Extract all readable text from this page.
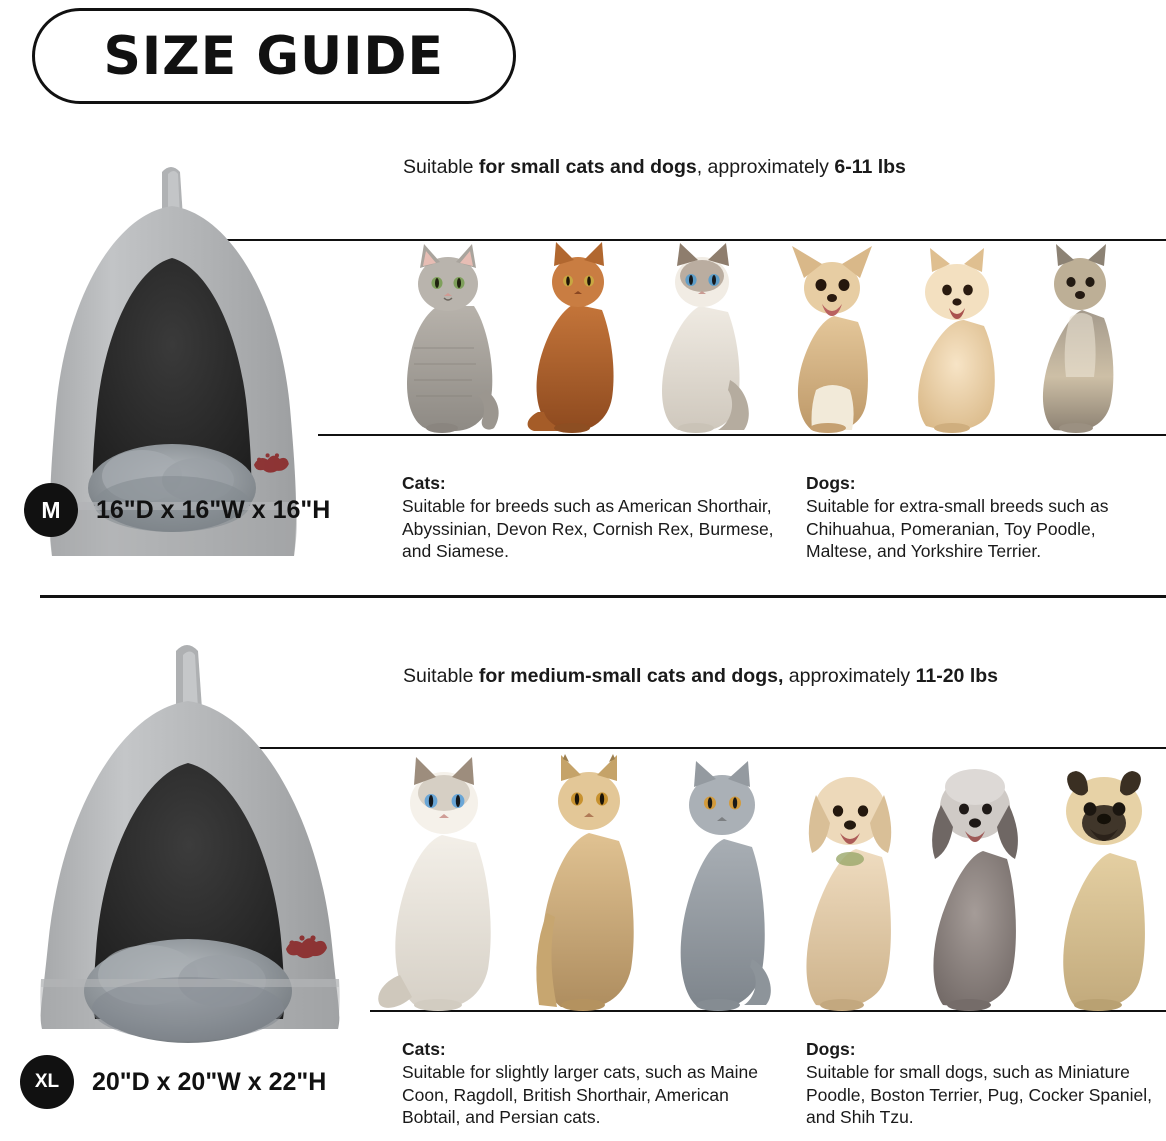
SIZE GUIDE
Suitable for small cats and dogs, approximately 6-11 lbs
M	16"D x 16"W x 16"H
Cats:
Suitable for breeds such as American Shorthair, Abyssinian, Devon Rex, Cornish Rex, Burmese, and Siamese.
Dogs:
Suitable for extra-small breeds such as Chihuahua, Pomeranian, Toy Poodle, Maltese, and Yorkshire Terrier.
Suitable for medium-small cats and dogs, approximately 11-20 lbs
XL	20"D x 20"W x 22"H
Cats:
Suitable for slightly larger cats, such as Maine Coon, Ragdoll, British Shorthair, American Bobtail, and Persian cats.
Dogs:
Suitable for small dogs, such as Miniature Poodle, Boston Terrier, Pug, Cocker Spaniel, and Shih Tzu.
